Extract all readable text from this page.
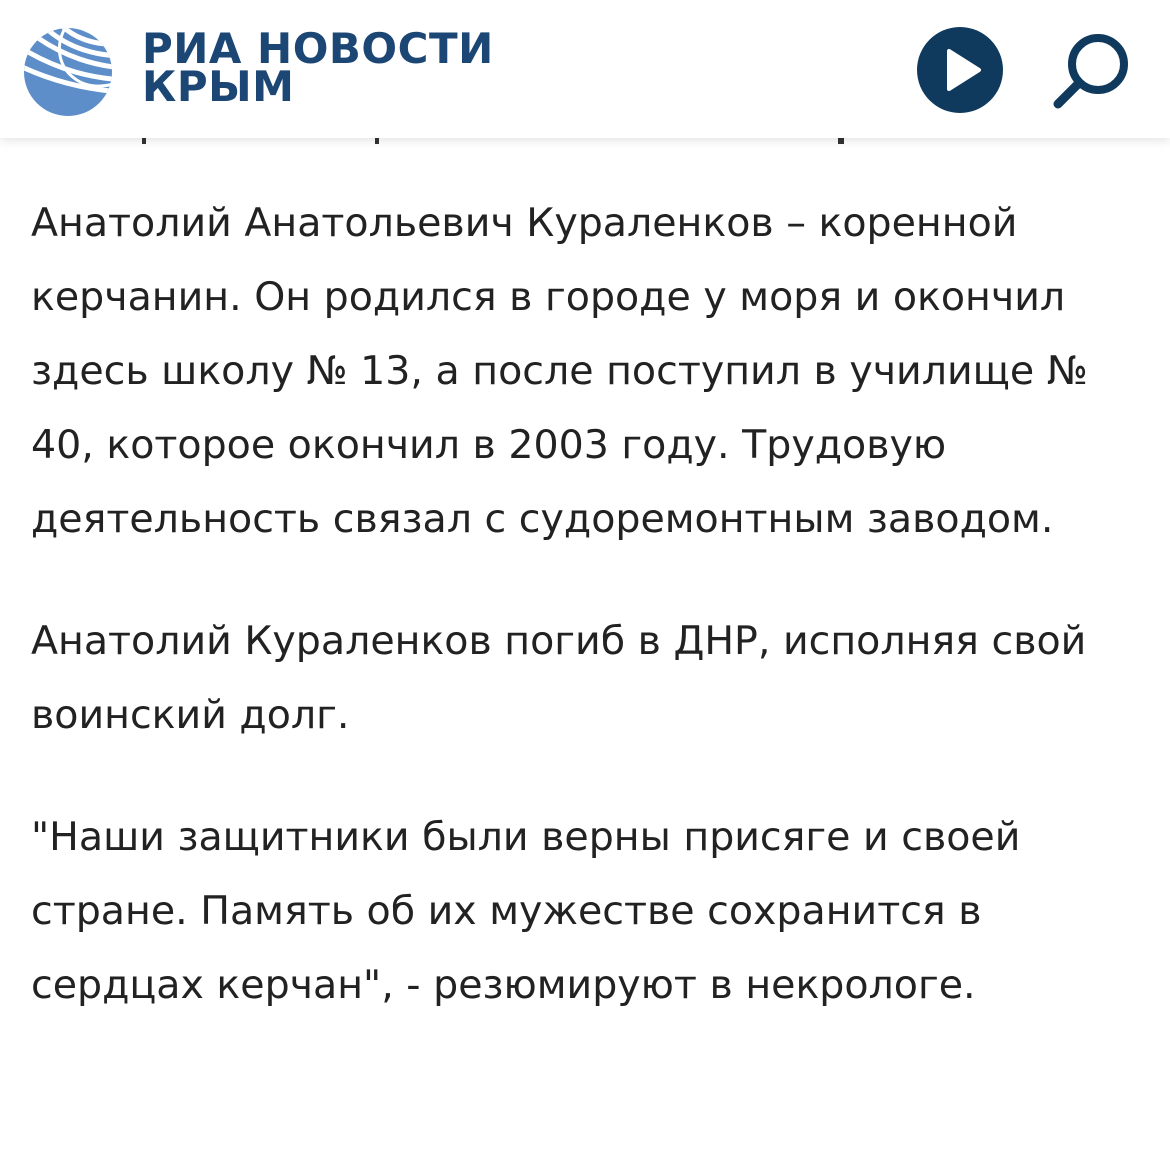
РИА НОВОСТИ
КРЫМ

Анатолий Анатольевич Кураленков – коренной керчанин. Он родился в городе у моря и окончил здесь школу № 13, а после поступил в училище № 40, которое окончил в 2003 году. Трудовую деятельность связал с судоремонтным заводом.

Анатолий Кураленков погиб в ДНР, исполняя свой воинский долг.

"Наши защитники были верны присяге и своей стране. Память об их мужестве сохранится в сердцах керчан", - резюмируют в некрологе.
